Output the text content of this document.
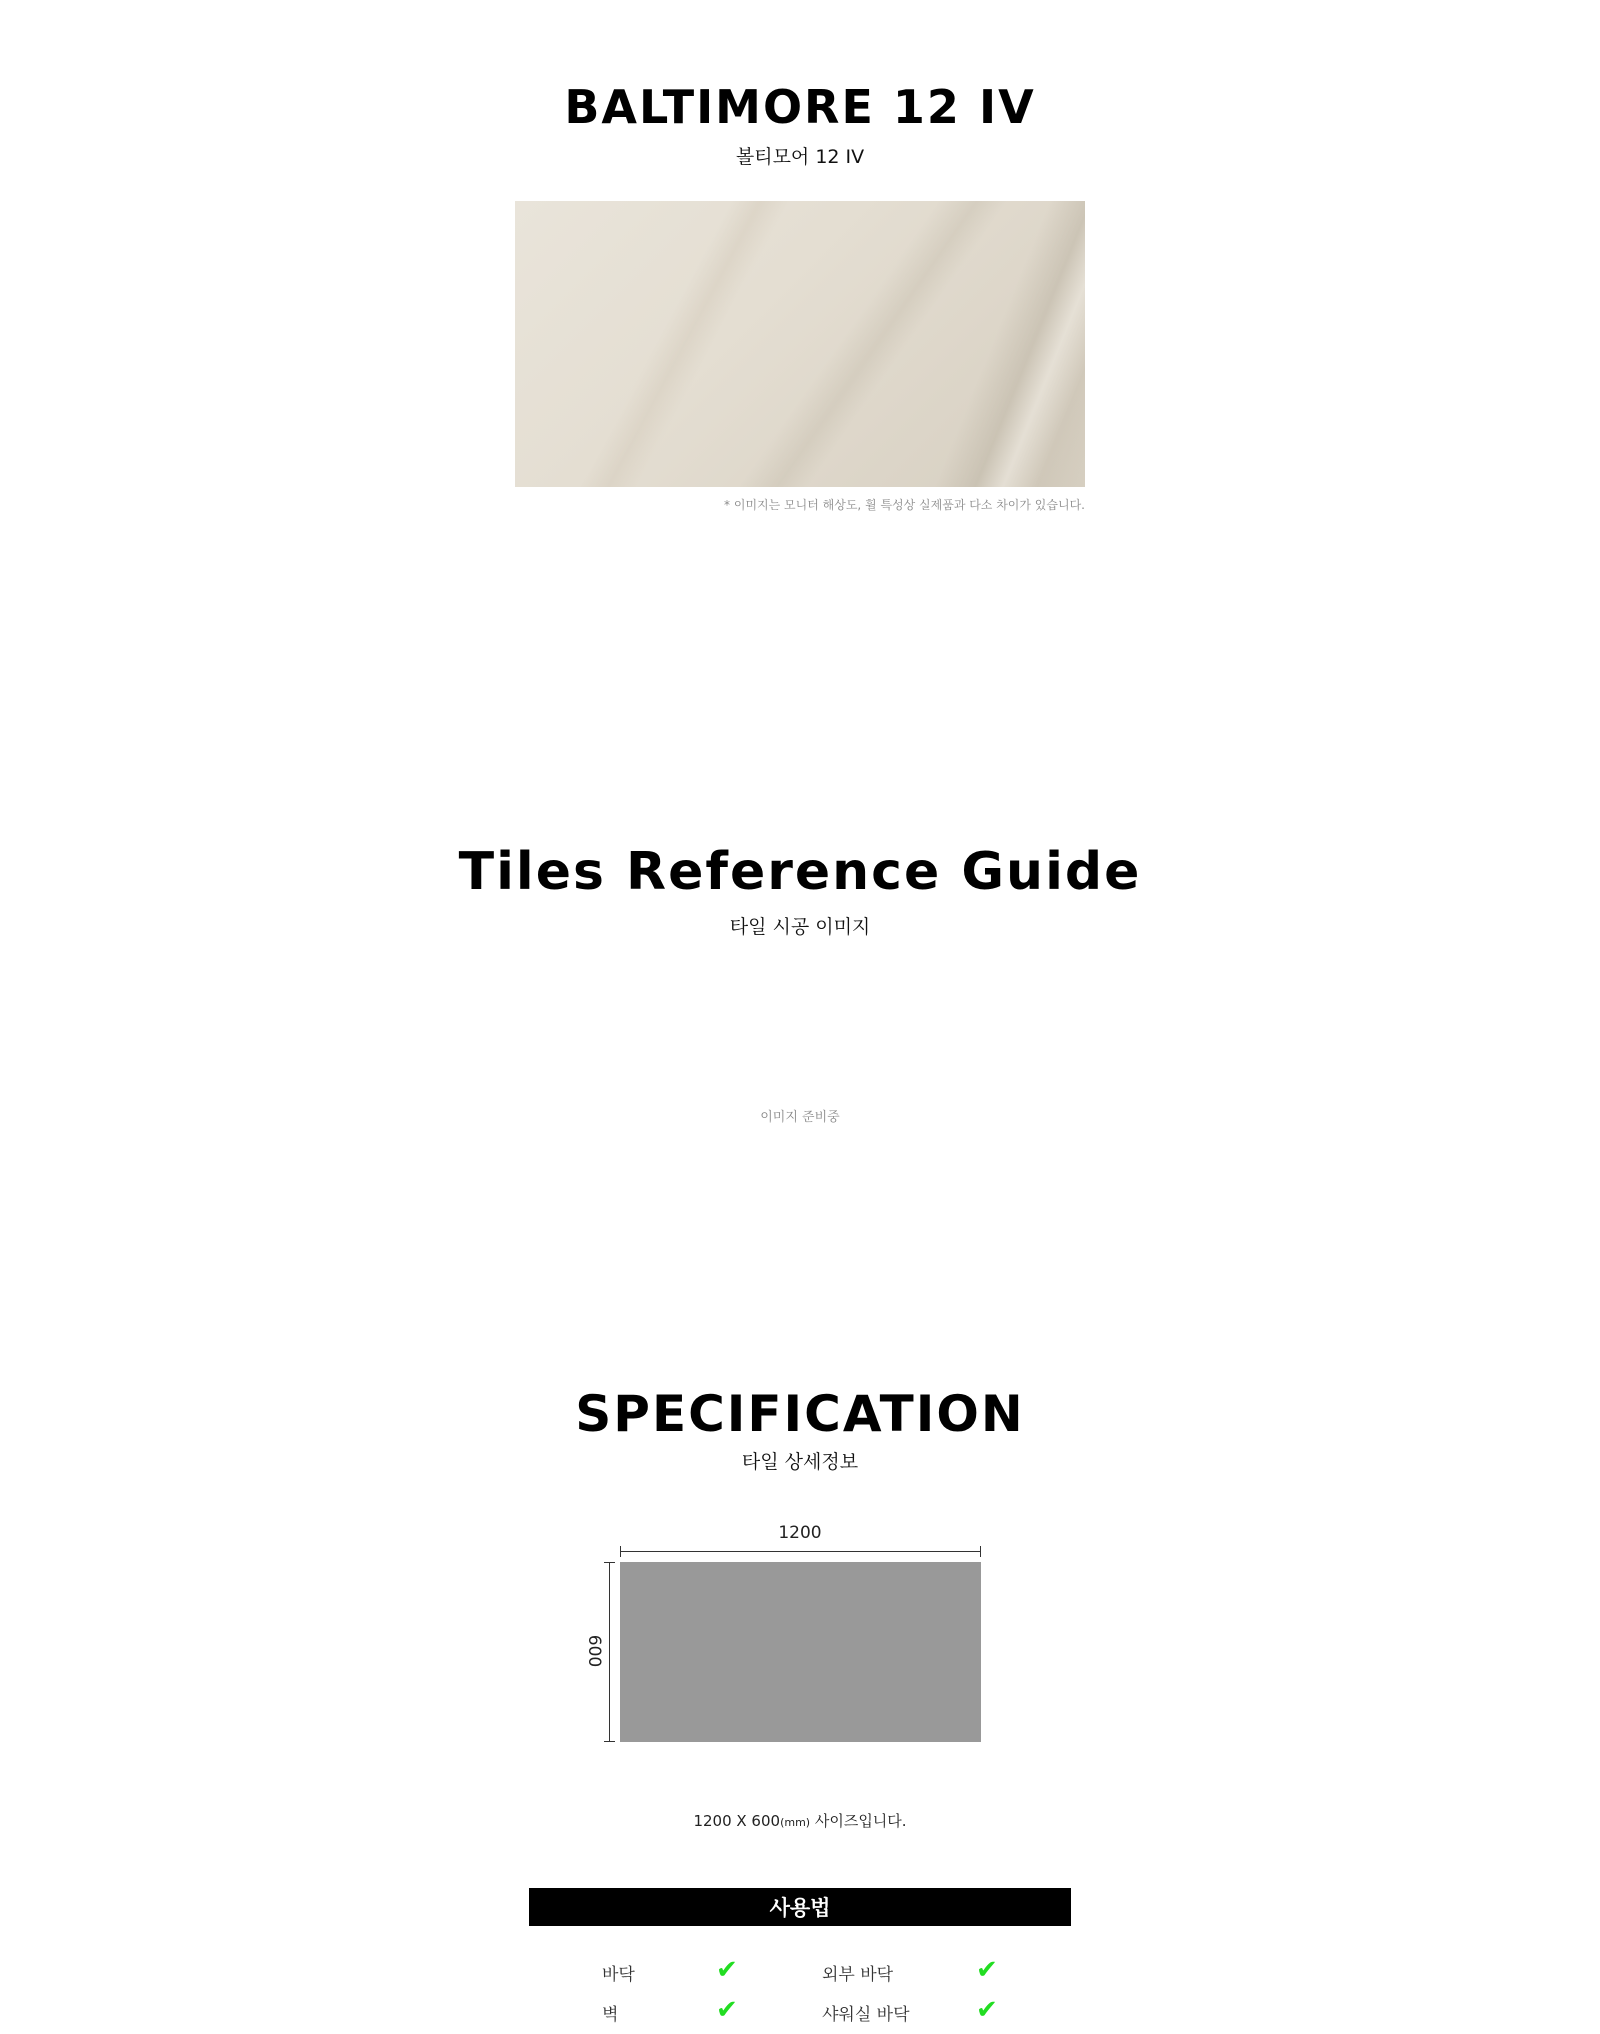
BALTIMORE 12 IV
볼티모어 12 IV
* 이미지는 모니터 해상도, 휠 특성상 실제품과 다소 차이가 있습니다.
Tiles Reference Guide
타일 시공 이미지
이미지 준비중
SPECIFICATION
타일 상세정보
1200
600
1200 X 600(mm) 사이즈입니다.
사용법
바닥	✔	외부 바닥	✔
벽	✔	샤워실 바닥	✔
